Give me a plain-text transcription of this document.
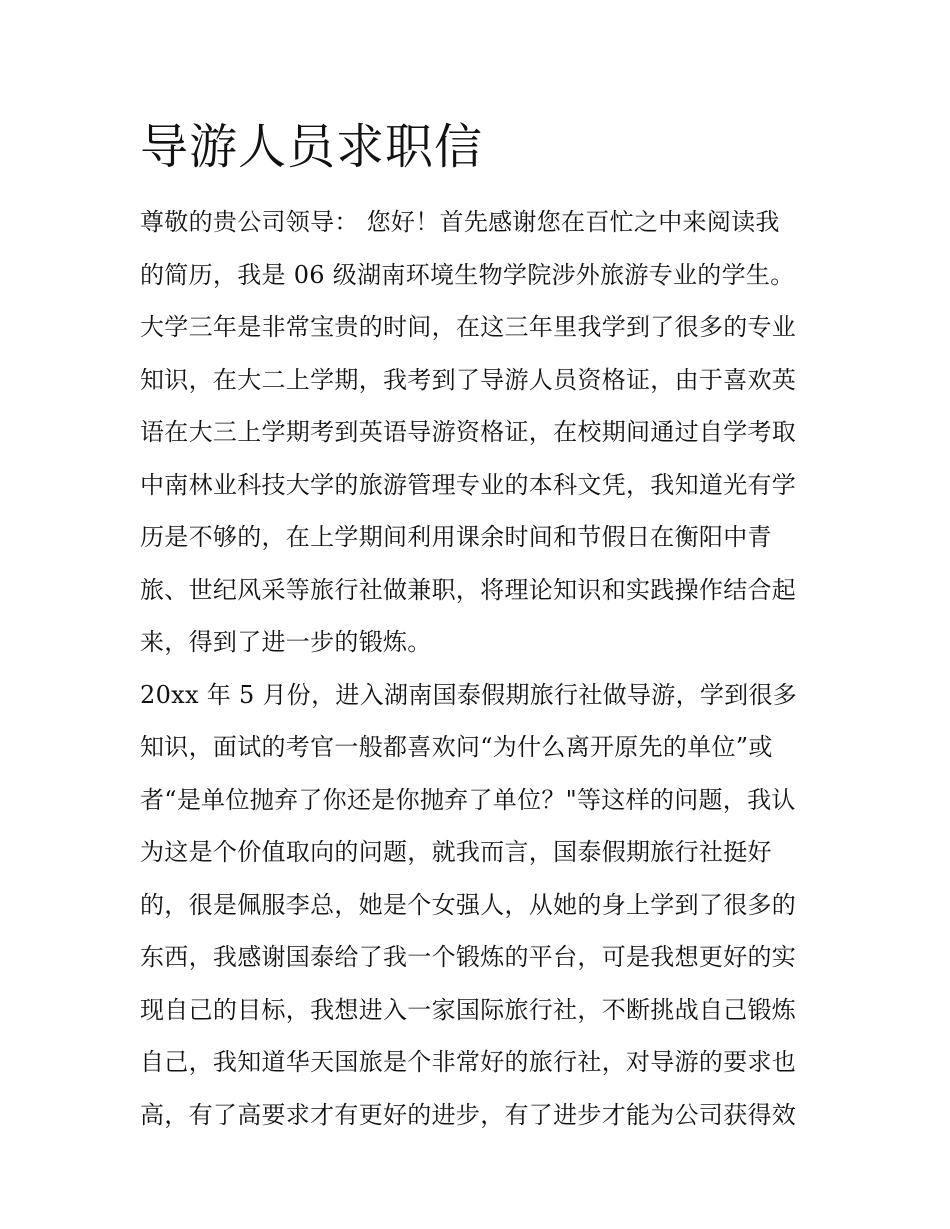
导游人员求职信
尊敬的贵公司领导： 您好！首先感谢您在百忙之中来阅读我
的简历，我是 06 级湖南环境生物学院涉外旅游专业的学生。
大学三年是非常宝贵的时间，在这三年里我学到了很多的专业
知识，在大二上学期，我考到了导游人员资格证，由于喜欢英
语在大三上学期考到英语导游资格证，在校期间通过自学考取
中南林业科技大学的旅游管理专业的本科文凭，我知道光有学
历是不够的，在上学期间利用课余时间和节假日在衡阳中青
旅、世纪风采等旅行社做兼职，将理论知识和实践操作结合起
来，得到了进一步的锻炼。
20xx 年 5 月份，进入湖南国泰假期旅行社做导游，学到很多
知识，面试的考官一般都喜欢问“为什么离开原先的单位”或
者“是单位抛弃了你还是你抛弃了单位？"等这样的问题，我认
为这是个价值取向的问题，就我而言，国泰假期旅行社挺好
的，很是佩服李总，她是个女强人，从她的身上学到了很多的
东西，我感谢国泰给了我一个锻炼的平台，可是我想更好的实
现自己的目标，我想进入一家国际旅行社，不断挑战自己锻炼
自己，我知道华天国旅是个非常好的旅行社，对导游的要求也
高，有了高要求才有更好的进步，有了进步才能为公司获得效
